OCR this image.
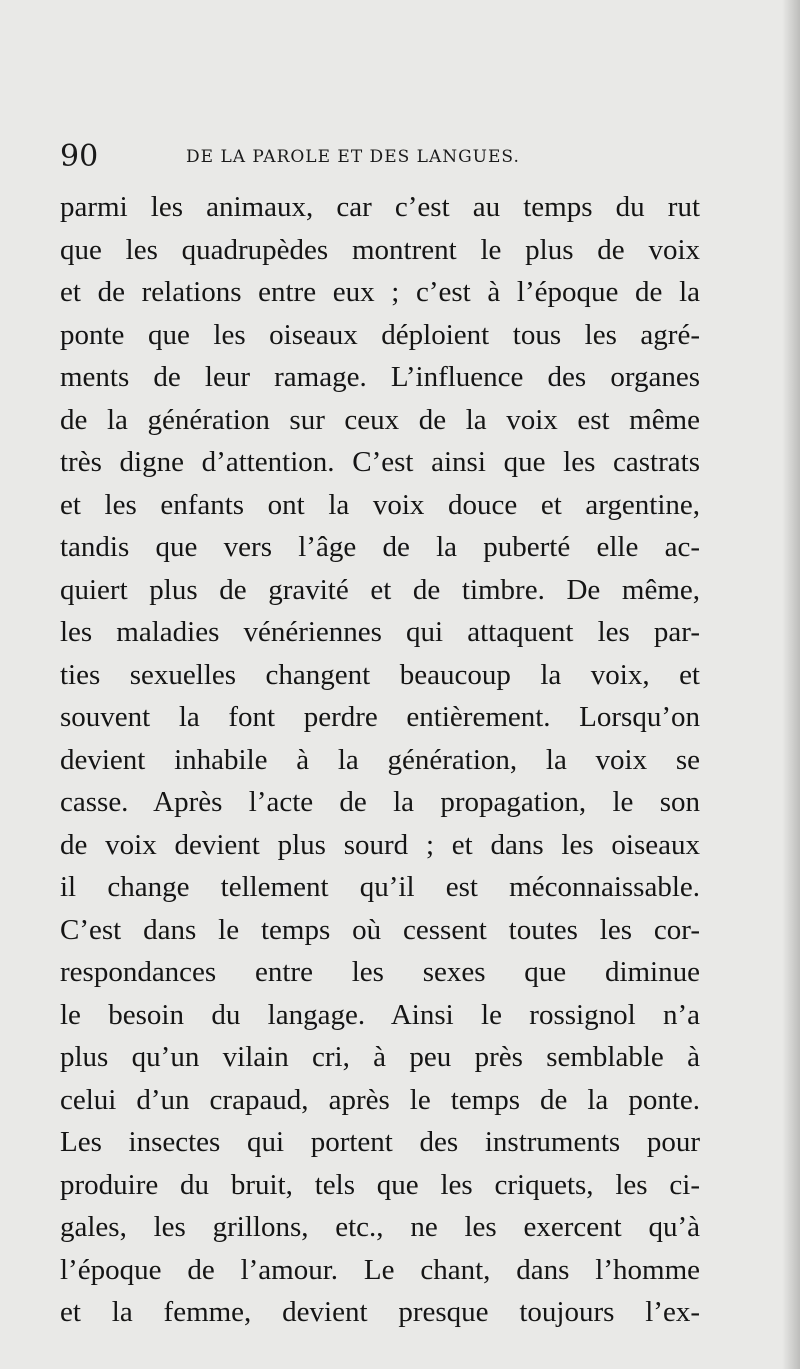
90	DE LA PAROLE ET DES LANGUES.
parmi les animaux, car c’est au temps du rut
que les quadrupèdes montrent le plus de voix
et de relations entre eux ; c’est à l’époque de la
ponte que les oiseaux déploient tous les agré-
ments de leur ramage. L’influence des organes
de la génération sur ceux de la voix est même
très digne d’attention. C’est ainsi que les castrats
et les enfants ont la voix douce et argentine,
tandis que vers l’âge de la puberté elle ac-
quiert plus de gravité et de timbre. De même,
les maladies vénériennes qui attaquent les par-
ties sexuelles changent beaucoup la voix, et
souvent la font perdre entièrement. Lorsqu’on
devient inhabile à la génération, la voix se
casse. Après l’acte de la propagation, le son
de voix devient plus sourd ; et dans les oiseaux
il change tellement qu’il est méconnaissable.
C’est dans le temps où cessent toutes les cor-
respondances entre les sexes que diminue
le besoin du langage. Ainsi le rossignol n’a
plus qu’un vilain cri, à peu près semblable à
celui d’un crapaud, après le temps de la ponte.
Les insectes qui portent des instruments pour
produire du bruit, tels que les criquets, les ci-
gales, les grillons, etc., ne les exercent qu’à
l’époque de l’amour. Le chant, dans l’homme
et la femme, devient presque toujours l’ex-
